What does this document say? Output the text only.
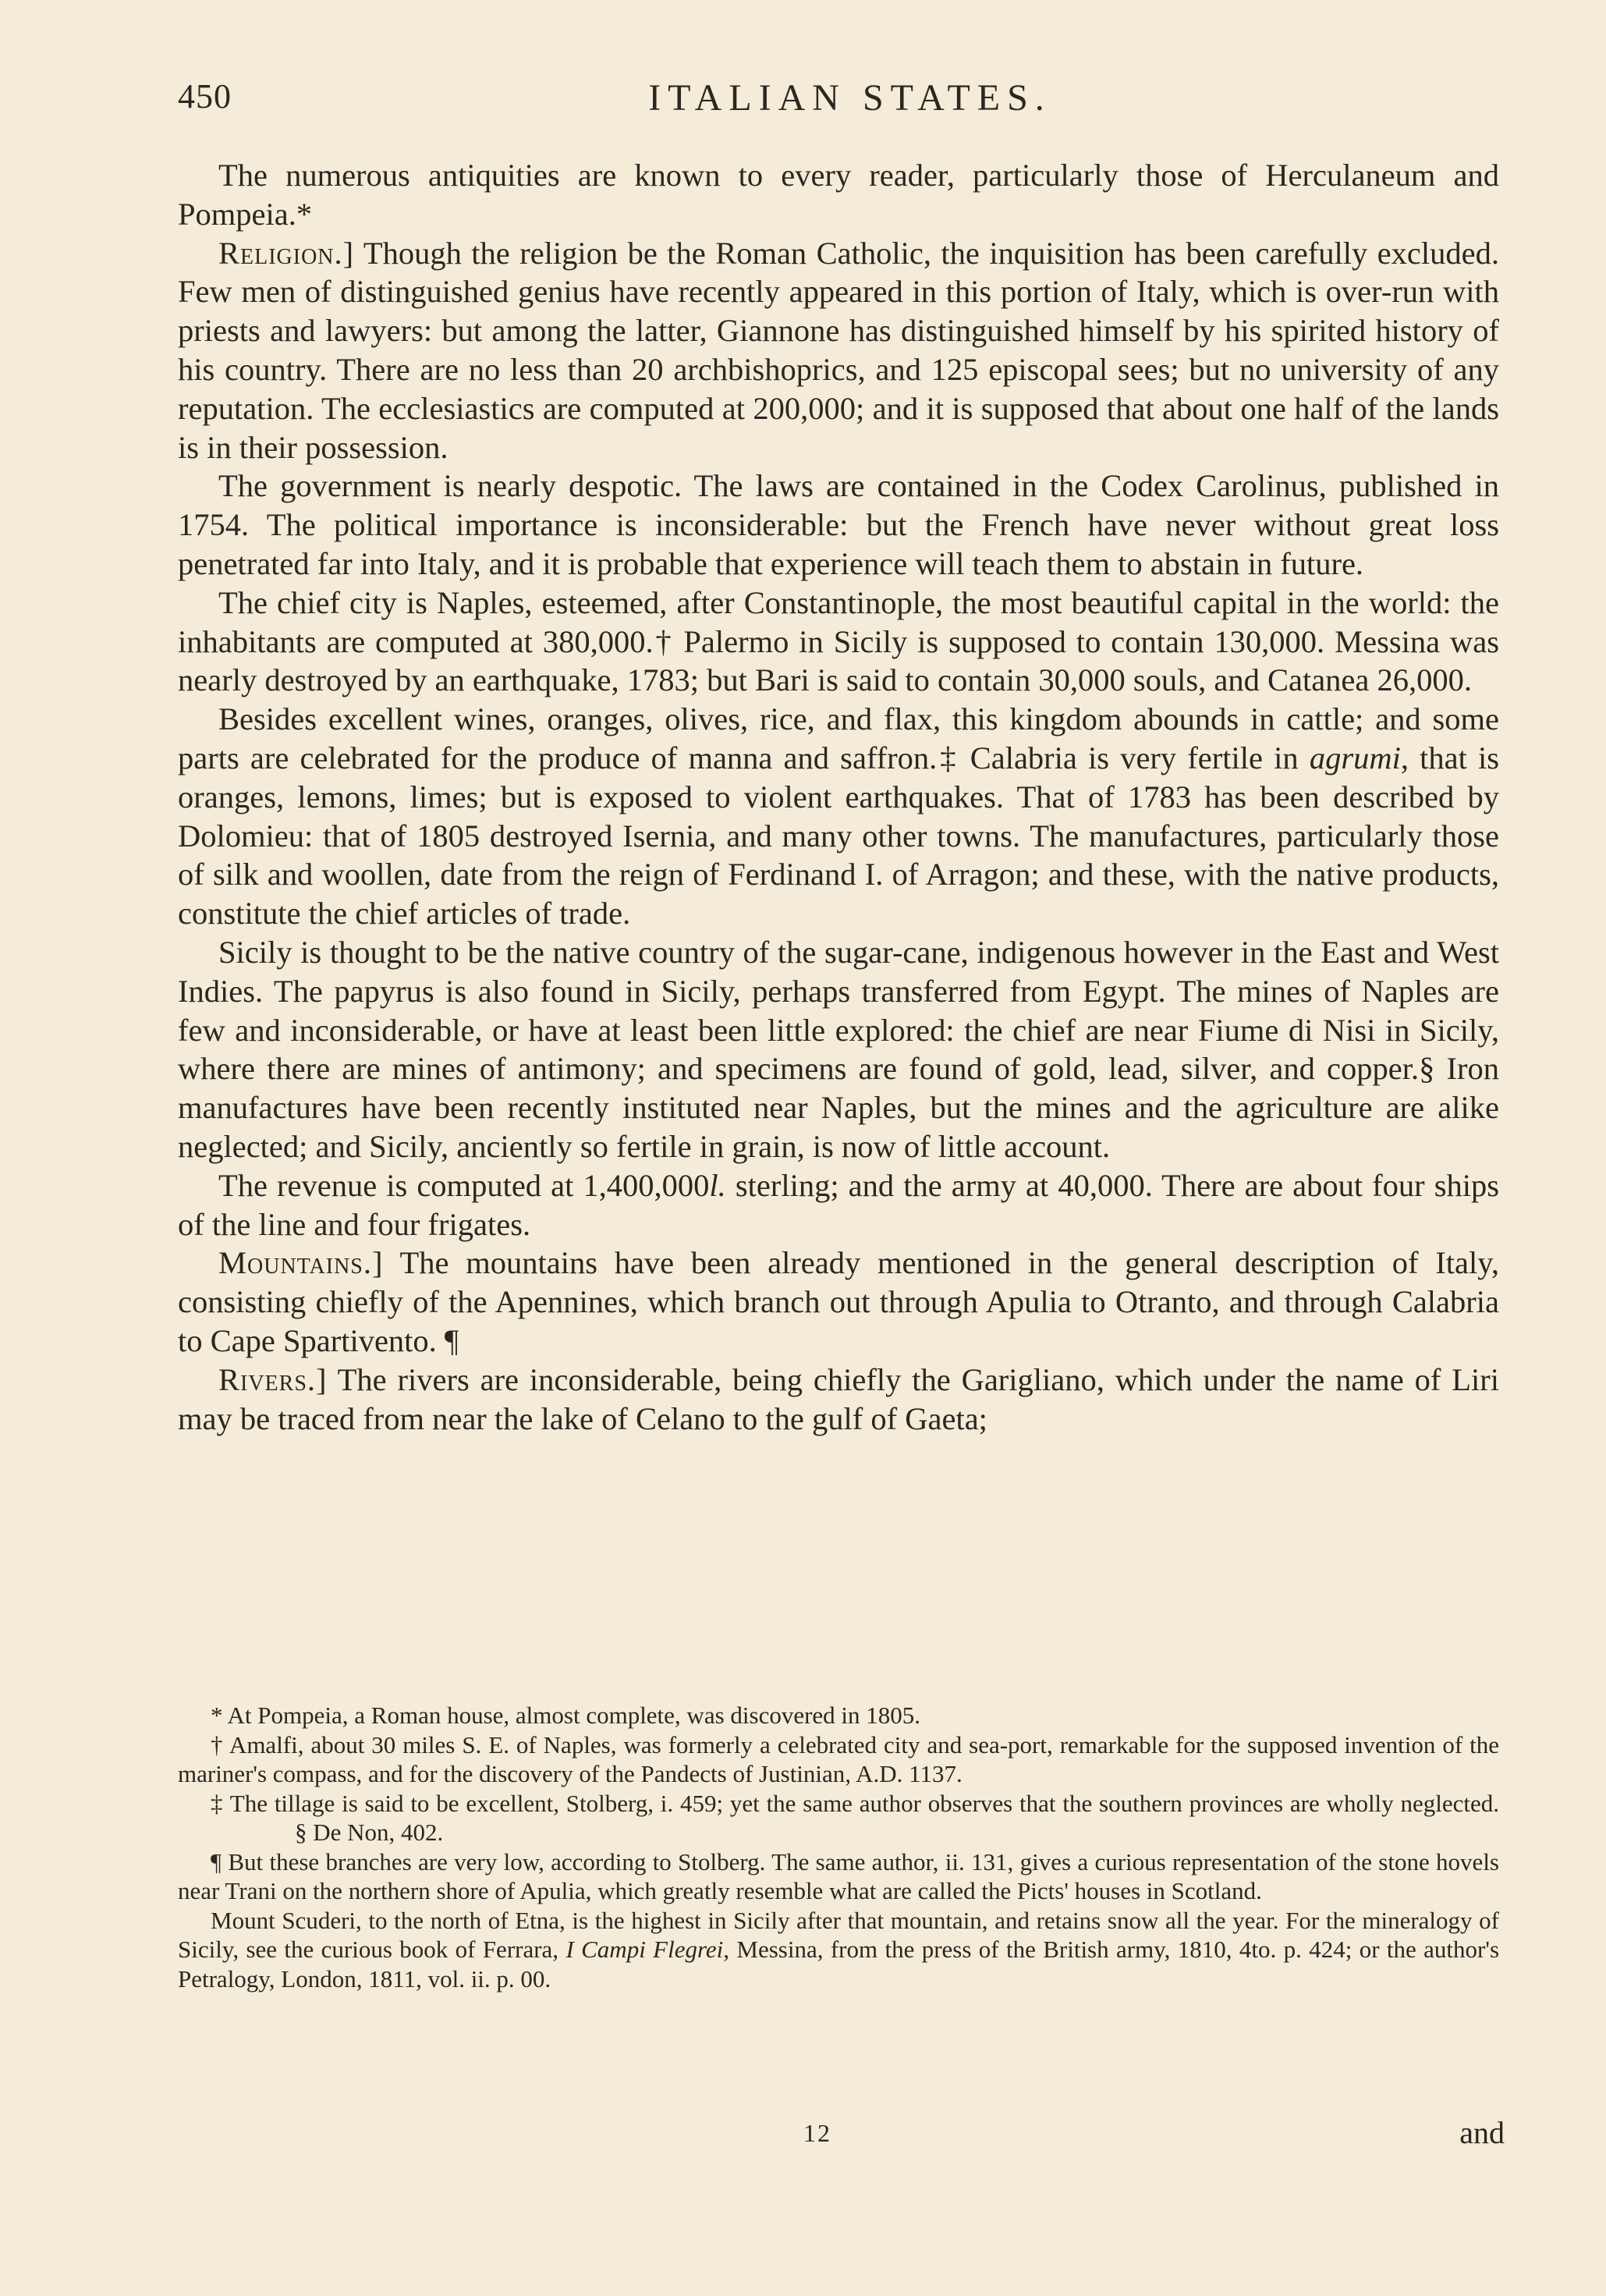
450	ITALIAN STATES.

The numerous antiquities are known to every reader, particularly those of Herculaneum and Pompeia.*

Religion.] Though the religion be the Roman Catholic, the inquisition has been carefully excluded. Few men of distinguished genius have recently appeared in this portion of Italy, which is over-run with priests and lawyers: but among the latter, Giannone has distinguished himself by his spirited history of his country. There are no less than 20 archbishoprics, and 125 episcopal sees; but no university of any reputation. The ecclesiastics are computed at 200,000; and it is supposed that about one half of the lands is in their possession.

The government is nearly despotic. The laws are contained in the Codex Carolinus, published in 1754. The political importance is inconsiderable: but the French have never without great loss penetrated far into Italy, and it is probable that experience will teach them to abstain in future.

The chief city is Naples, esteemed, after Constantinople, the most beautiful capital in the world: the inhabitants are computed at 380,000.† Palermo in Sicily is supposed to contain 130,000. Messina was nearly destroyed by an earthquake, 1783; but Bari is said to contain 30,000 souls, and Catanea 26,000.

Besides excellent wines, oranges, olives, rice, and flax, this kingdom abounds in cattle; and some parts are celebrated for the produce of manna and saffron.‡ Calabria is very fertile in agrumi, that is oranges, lemons, limes; but is exposed to violent earthquakes. That of 1783 has been described by Dolomieu: that of 1805 destroyed Isernia, and many other towns. The manufactures, particularly those of silk and woollen, date from the reign of Ferdinand I. of Arragon; and these, with the native products, constitute the chief articles of trade.

Sicily is thought to be the native country of the sugar-cane, indigenous however in the East and West Indies. The papyrus is also found in Sicily, perhaps transferred from Egypt. The mines of Naples are few and inconsiderable, or have at least been little explored: the chief are near Fiume di Nisi in Sicily, where there are mines of antimony; and specimens are found of gold, lead, silver, and copper.§ Iron manufactures have been recently instituted near Naples, but the mines and the agriculture are alike neglected; and Sicily, anciently so fertile in grain, is now of little account.

The revenue is computed at 1,400,000l. sterling; and the army at 40,000. There are about four ships of the line and four frigates.

Mountains.] The mountains have been already mentioned in the general description of Italy, consisting chiefly of the Apennines, which branch out through Apulia to Otranto, and through Calabria to Cape Spartivento. ¶

Rivers.] The rivers are inconsiderable, being chiefly the Garigliano, which under the name of Liri may be traced from near the lake of Celano to the gulf of Gaeta;

* At Pompeia, a Roman house, almost complete, was discovered in 1805.

† Amalfi, about 30 miles S. E. of Naples, was formerly a celebrated city and sea-port, remarkable for the supposed invention of the mariner's compass, and for the discovery of the Pandects of Justinian, A.D. 1137.

‡ The tillage is said to be excellent, Stolberg, i. 459; yet the same author observes that the southern provinces are wholly neglected.§ De Non, 402.

¶ But these branches are very low, according to Stolberg. The same author, ii. 131, gives a curious representation of the stone hovels near Trani on the northern shore of Apulia, which greatly resemble what are called the Picts' houses in Scotland.

Mount Scuderi, to the north of Etna, is the highest in Sicily after that mountain, and retains snow all the year. For the mineralogy of Sicily, see the curious book of Ferrara, I Campi Flegrei, Messina, from the press of the British army, 1810, 4to. p. 424; or the author's Petralogy, London, 1811, vol. ii. p. 00.

12	and
